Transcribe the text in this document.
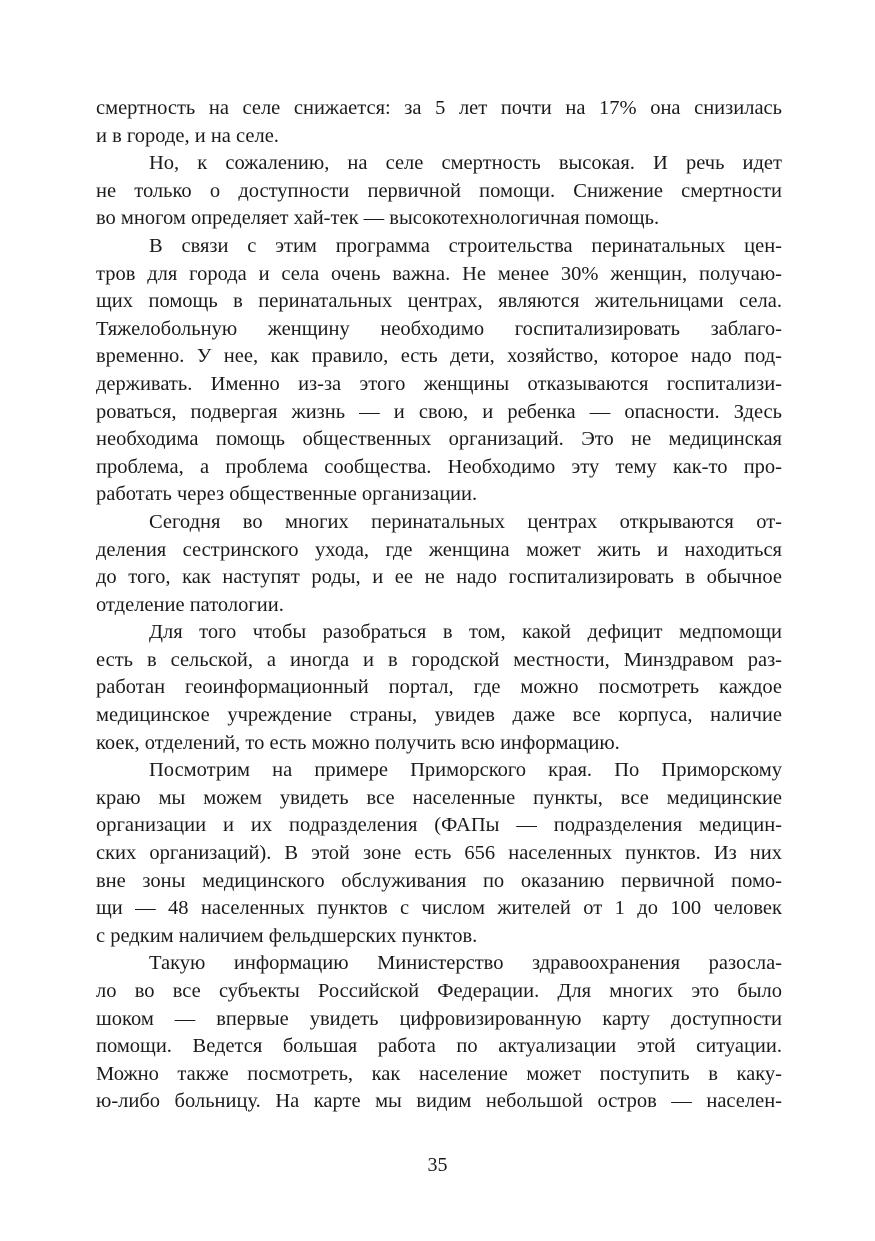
смертность на селе снижается: за 5 лет почти на 17% она снизилась
и в городе, и на селе.
Но, к сожалению, на селе смертность высокая. И речь идет
не только о доступности первичной помощи. Снижение смертности
во многом определяет хай-тек — высокотехнологичная помощь.
В связи с этим программа строительства перинатальных цен-
тров для города и села очень важна. Не менее 30% женщин, получаю-
щих помощь в перинатальных центрах, являются жительницами села.
Тяжелобольную женщину необходимо госпитализировать заблаго-
временно. У нее, как правило, есть дети, хозяйство, которое надо под-
держивать. Именно из-за этого женщины отказываются госпитализи-
роваться, подвергая жизнь — и свою, и ребенка — опасности. Здесь
необходима помощь общественных организаций. Это не медицинская
проблема, а проблема сообщества. Необходимо эту тему как-то про-
работать через общественные организации.
Сегодня во многих перинатальных центрах открываются от-
деления сестринского ухода, где женщина может жить и находиться
до того, как наступят роды, и ее не надо госпитализировать в обычное
отделение патологии.
Для того чтобы разобраться в том, какой дефицит медпомощи
есть в сельской, а иногда и в городской местности, Минздравом раз-
работан геоинформационный портал, где можно посмотреть каждое
медицинское учреждение страны, увидев даже все корпуса, наличие
коек, отделений, то есть можно получить всю информацию.
Посмотрим на примере Приморского края. По Приморскому
краю мы можем увидеть все населенные пункты, все медицинские
организации и их подразделения (ФАПы — подразделения медицин-
ских организаций). В этой зоне есть 656 населенных пунктов. Из них
вне зоны медицинского обслуживания по оказанию первичной помо-
щи — 48 населенных пунктов с числом жителей от 1 до 100 человек
с редким наличием фельдшерских пунктов.
Такую информацию Министерство здравоохранения разосла-
ло во все субъекты Российской Федерации. Для многих это было
шоком — впервые увидеть цифровизированную карту доступности
помощи. Ведется большая работа по актуализации этой ситуации.
Можно также посмотреть, как население может поступить в каку-
ю-либо больницу. На карте мы видим небольшой остров — населен-
35
